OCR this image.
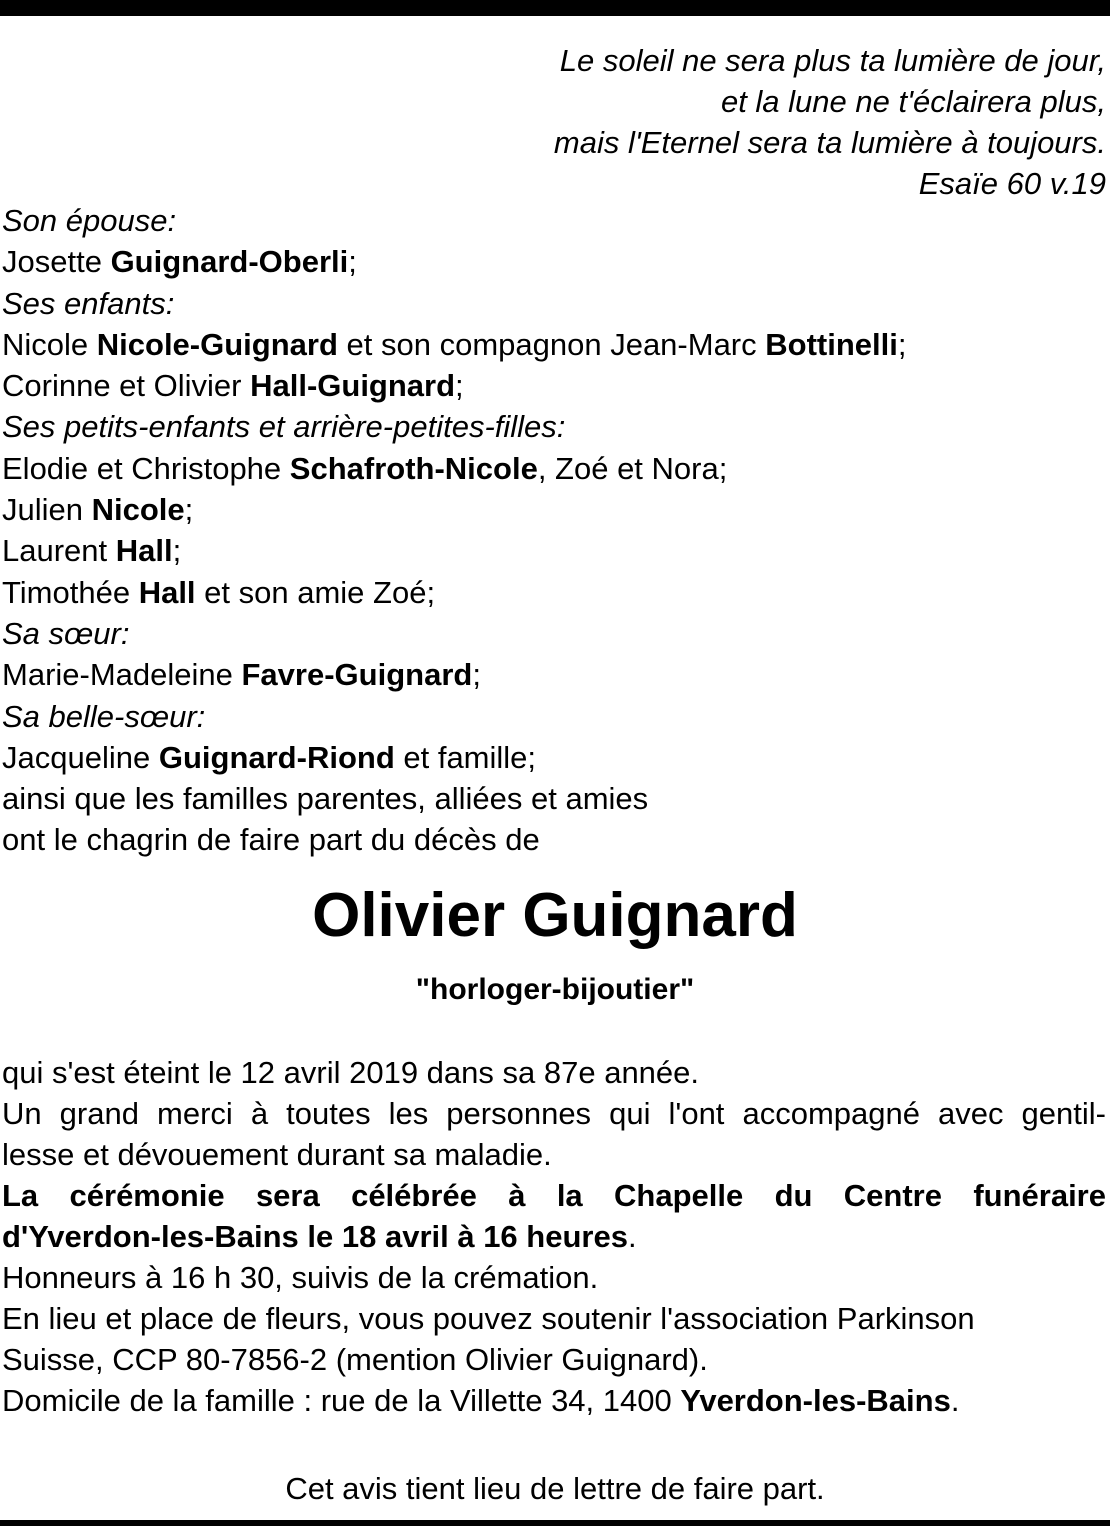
Le soleil ne sera plus ta lumière de jour,
et la lune ne t'éclairera plus,
mais l'Eternel sera ta lumière à toujours.
Esaïe 60 v.19
Son épouse:
Josette Guignard-Oberli;
Ses enfants:
Nicole Nicole-Guignard et son compagnon Jean-Marc Bottinelli;
Corinne et Olivier Hall-Guignard;
Ses petits-enfants et arrière-petites-filles:
Elodie et Christophe Schafroth-Nicole, Zoé et Nora;
Julien Nicole;
Laurent Hall;
Timothée Hall et son amie Zoé;
Sa sœur:
Marie-Madeleine Favre-Guignard;
Sa belle-sœur:
Jacqueline Guignard-Riond et famille;
ainsi que les familles parentes, alliées et amies
ont le chagrin de faire part du décès de
Olivier Guignard
"horloger-bijoutier"
qui s'est éteint le 12 avril 2019 dans sa 87e année.
Un grand merci à toutes les personnes qui l'ont accompagné avec gentil-
lesse et dévouement durant sa maladie.
La cérémonie sera célébrée à la Chapelle du Centre funéraire
d'Yverdon-les-Bains le 18 avril à 16 heures.
Honneurs à 16 h 30, suivis de la crémation.
En lieu et place de fleurs, vous pouvez soutenir l'association Parkinson
Suisse, CCP 80-7856-2 (mention Olivier Guignard).
Domicile de la famille : rue de la Villette 34, 1400 Yverdon-les-Bains.
Cet avis tient lieu de lettre de faire part.
